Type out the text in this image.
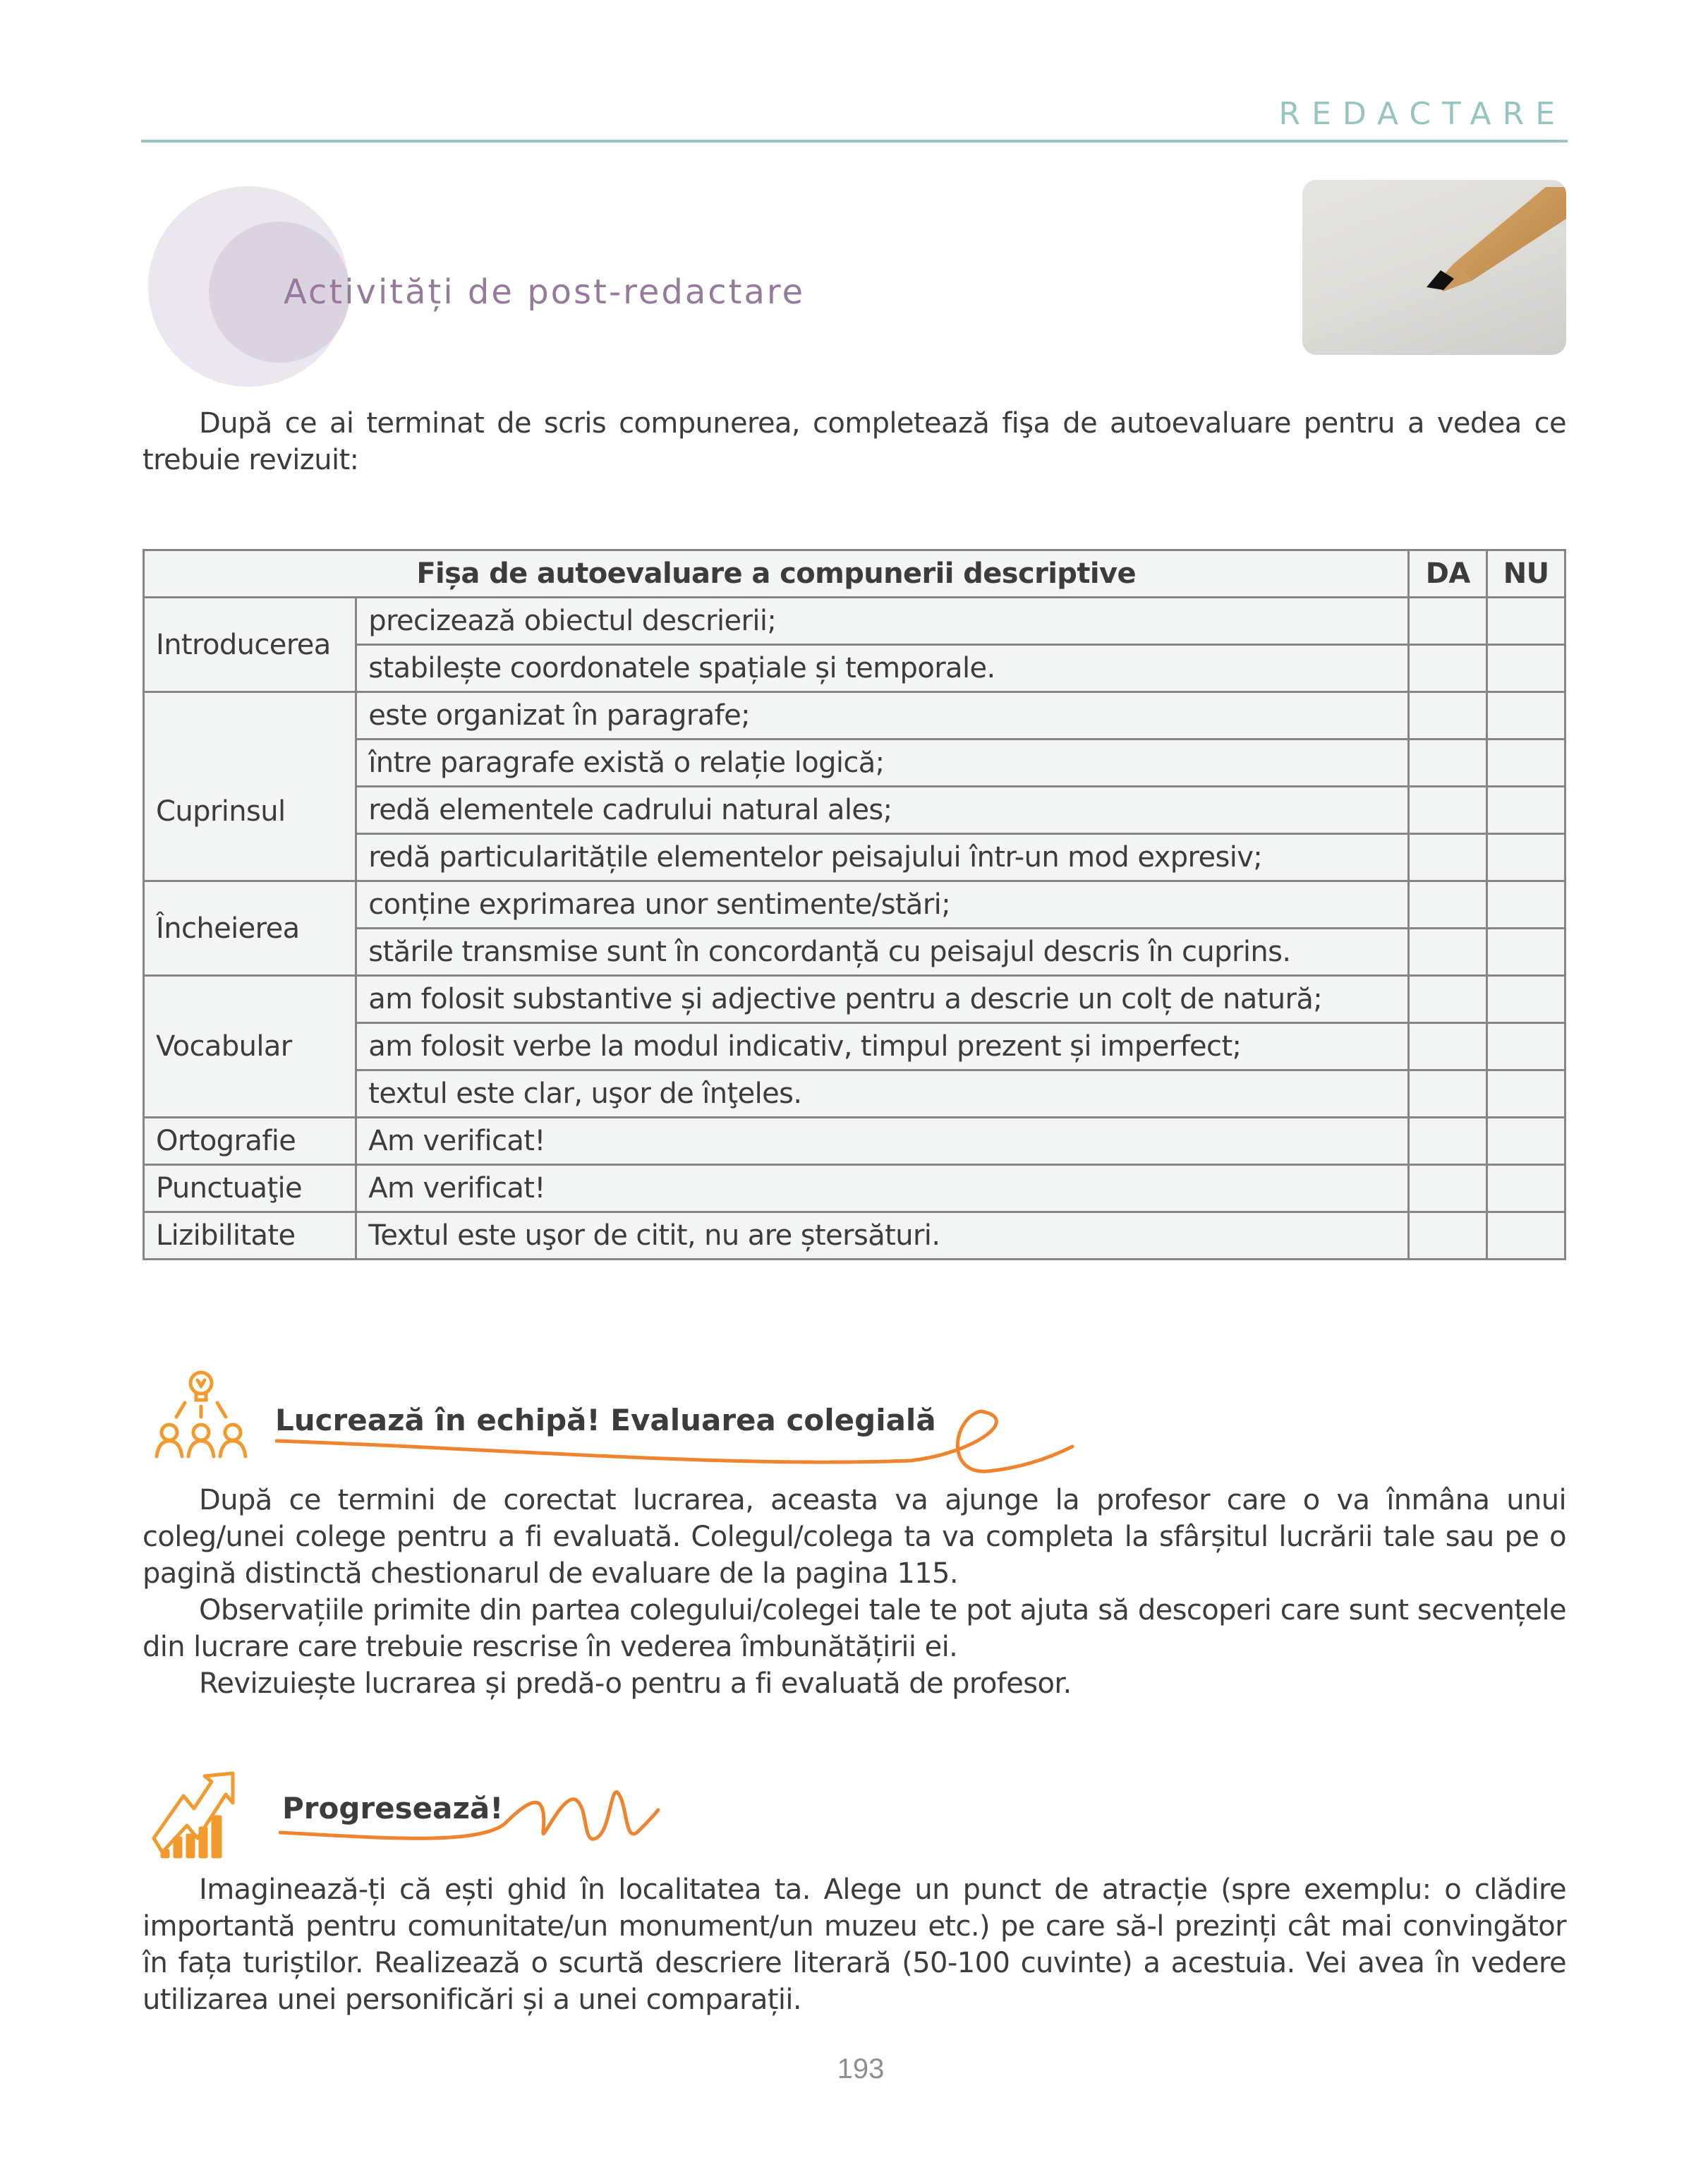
REDACTARE
Activități de post-redactare

După ce ai terminat de scris compunerea, completează fişa de autoevaluare pentru a vedea ce trebuie revizuit:

Fișa de autoevaluare a compunerii descriptive		DA	NU
Introducerea	precizează obiectul descrierii;		
	stabilește coordonatele spațiale și temporale.		
Cuprinsul	este organizat în paragrafe;		
	între paragrafe există o relație logică;		
	redă elementele cadrului natural ales;		
	redă particularitățile elementelor peisajului într-un mod expresiv;		
Încheierea	conține exprimarea unor sentimente/stări;		
	stările transmise sunt în concordanță cu peisajul descris în cuprins.		
Vocabular	am folosit substantive și adjective pentru a descrie un colț de natură;		
	am folosit verbe la modul indicativ, timpul prezent și imperfect;		
	textul este clar, uşor de înţeles.		
Ortografie	Am verificat!		
Punctuaţie	Am verificat!		
Lizibilitate	Textul este uşor de citit, nu are ștersături.		
Lucrează în echipă! Evaluarea colegială

După ce termini de corectat lucrarea, aceasta va ajunge la profesor care o va înmâna unui coleg/unei colege pentru a fi evaluată. Colegul/colega ta va completa la sfârșitul lucrării tale sau pe o pagină distinctă chestionarul de evaluare de la pagina 115.

Observațiile primite din partea colegului/colegei tale te pot ajuta să descoperi care sunt secvențele din lucrare care trebuie rescrise în vederea îmbunătățirii ei.

Revizuiește lucrarea și predă-o pentru a fi evaluată de profesor.

Progresează!

Imaginează-ți că ești ghid în localitatea ta. Alege un punct de atracție (spre exemplu: o clădire importantă pentru comunitate/un monument/un muzeu etc.) pe care să-l prezinți cât mai convingător în fața turiștilor. Realizează o scurtă descriere literară (50-100 cuvinte) a acestuia. Vei avea în vedere utilizarea unei personificări și a unei comparații.

193
